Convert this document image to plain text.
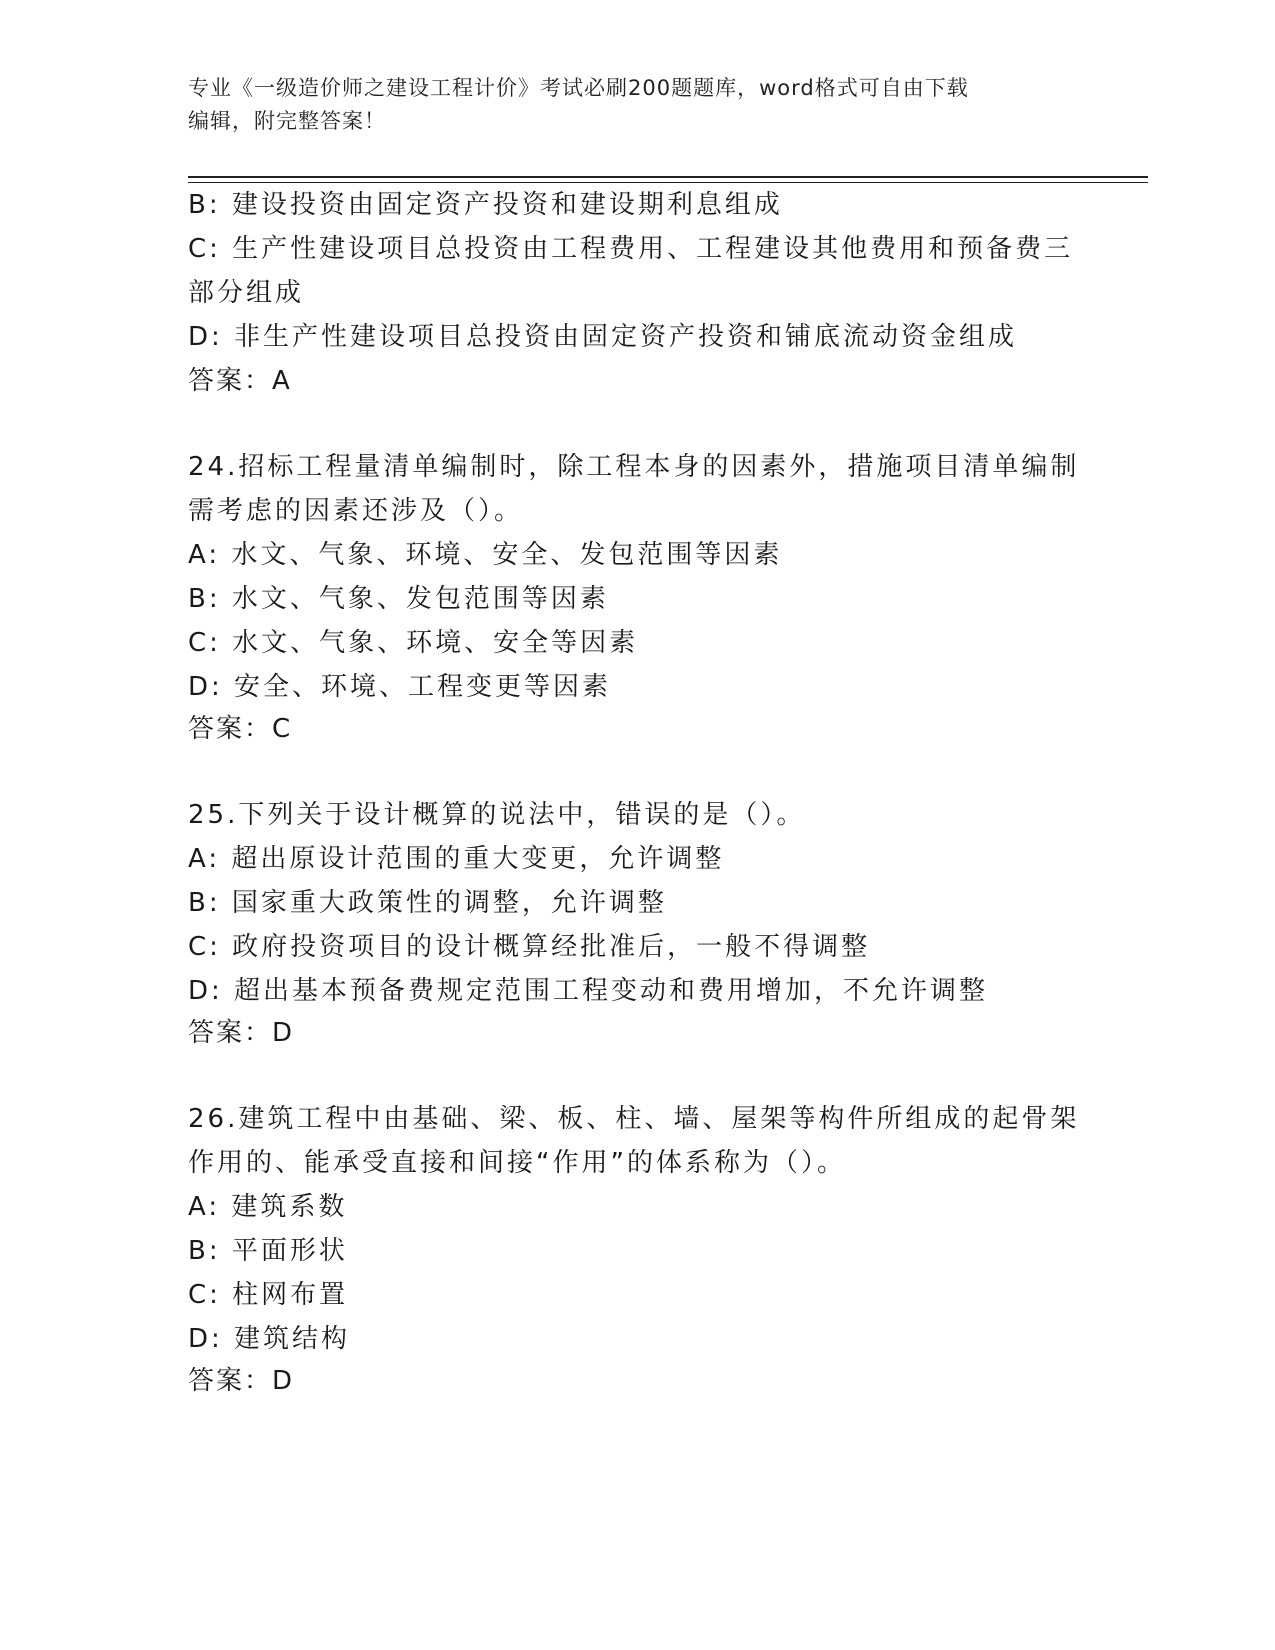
专业《一级造价师之建设工程计价》考试必刷200题题库，word格式可自由下载
编辑，附完整答案！
B: 建设投资由固定资产投资和建设期利息组成
C: 生产性建设项目总投资由工程费用、工程建设其他费用和预备费三
部分组成
D: 非生产性建设项目总投资由固定资产投资和铺底流动资金组成
答案：A
24.招标工程量清单编制时，除工程本身的因素外，措施项目清单编制
需考虑的因素还涉及（）。
A: 水文、气象、环境、安全、发包范围等因素
B: 水文、气象、发包范围等因素
C: 水文、气象、环境、安全等因素
D: 安全、环境、工程变更等因素
答案：C
25.下列关于设计概算的说法中，错误的是（）。
A: 超出原设计范围的重大变更，允许调整
B: 国家重大政策性的调整，允许调整
C: 政府投资项目的设计概算经批准后，一般不得调整
D: 超出基本预备费规定范围工程变动和费用增加，不允许调整
答案：D
26.建筑工程中由基础、梁、板、柱、墙、屋架等构件所组成的起骨架
作用的、能承受直接和间接“作用”的体系称为（）。
A: 建筑系数
B: 平面形状
C: 柱网布置
D: 建筑结构
答案：D
